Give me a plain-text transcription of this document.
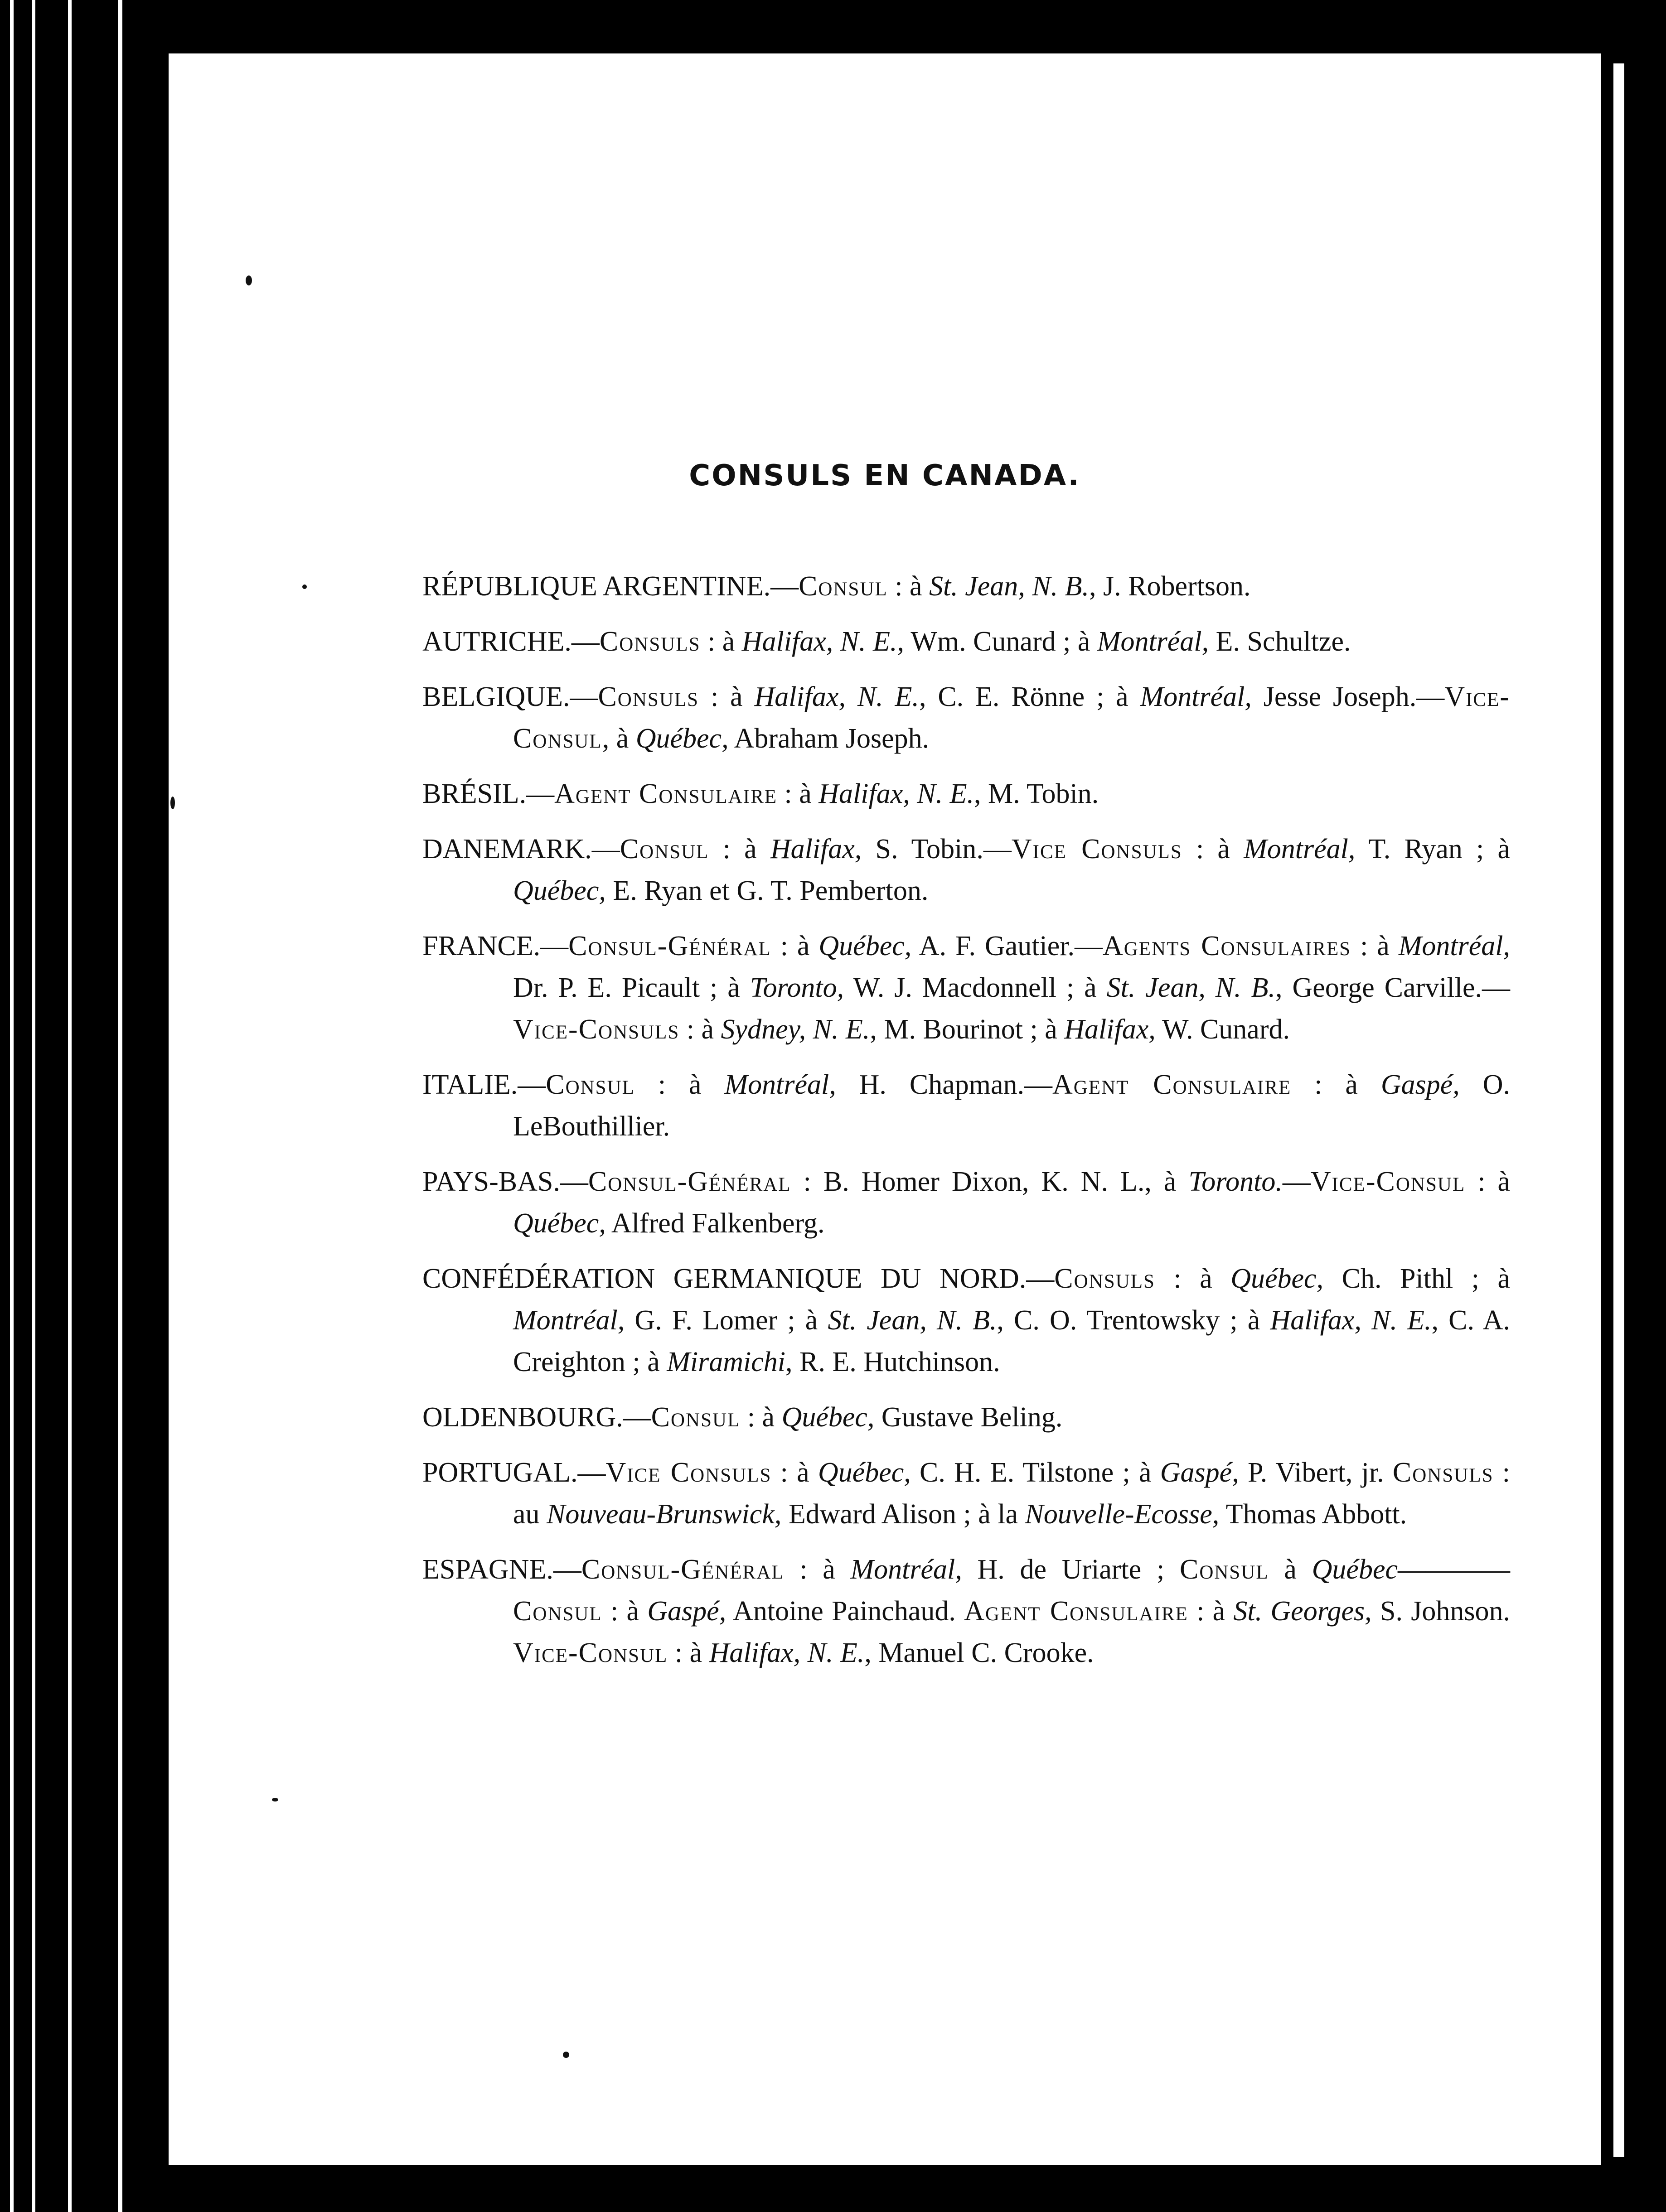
CONSULS EN CANADA.

RÉPUBLIQUE ARGENTINE.—Consul : à St. Jean, N. B., J. Robertson.

AUTRICHE.—Consuls : à Halifax, N. E., Wm. Cunard ; à Montréal, E. Schultze.

BELGIQUE.—Consuls : à Halifax, N. E., C. E. Rönne ; à Montréal, Jesse Joseph.—Vice-Consul, à Québec, Abraham Joseph.

BRÉSIL.—Agent Consulaire : à Halifax, N. E., M. Tobin.

DANEMARK.—Consul : à Halifax, S. Tobin.—Vice Consuls : à Montréal, T. Ryan ; à Québec, E. Ryan et G. T. Pemberton.

FRANCE.—Consul-Général : à Québec, A. F. Gautier.—Agents Consulaires : à Montréal, Dr. P. E. Picault ; à Toronto, W. J. Macdonnell ; à St. Jean, N. B., George Carville.—Vice-Consuls : à Sydney, N. E., M. Bourinot ; à Halifax, W. Cunard.

ITALIE.—Consul : à Montréal, H. Chapman.—Agent Consulaire : à Gaspé, O. LeBouthillier.

PAYS-BAS.—Consul-Général : B. Homer Dixon, K. N. L., à Toronto.—Vice-Consul : à Québec, Alfred Falkenberg.

CONFÉDÉRATION GERMANIQUE DU NORD.—Consuls : à Québec, Ch. Pithl ; à Montréal, G. F. Lomer ; à St. Jean, N. B., C. O. Trentowsky ; à Halifax, N. E., C. A. Creighton ; à Miramichi, R. E. Hutchinson.

OLDENBOURG.—Consul : à Québec, Gustave Beling.

PORTUGAL.—Vice Consuls : à Québec, C. H. E. Tilstone ; à Gaspé, P. Vibert, jr. Consuls : au Nouveau-Brunswick, Edward Alison ; à la Nouvelle-Ecosse, Thomas Abbott.

ESPAGNE.—Consul-Général : à Montréal, H. de Uriarte ; Consul à Québec———— Consul : à Gaspé, Antoine Painchaud. Agent Consulaire : à St. Georges, S. Johnson. Vice-Consul : à Halifax, N. E., Manuel C. Crooke.
